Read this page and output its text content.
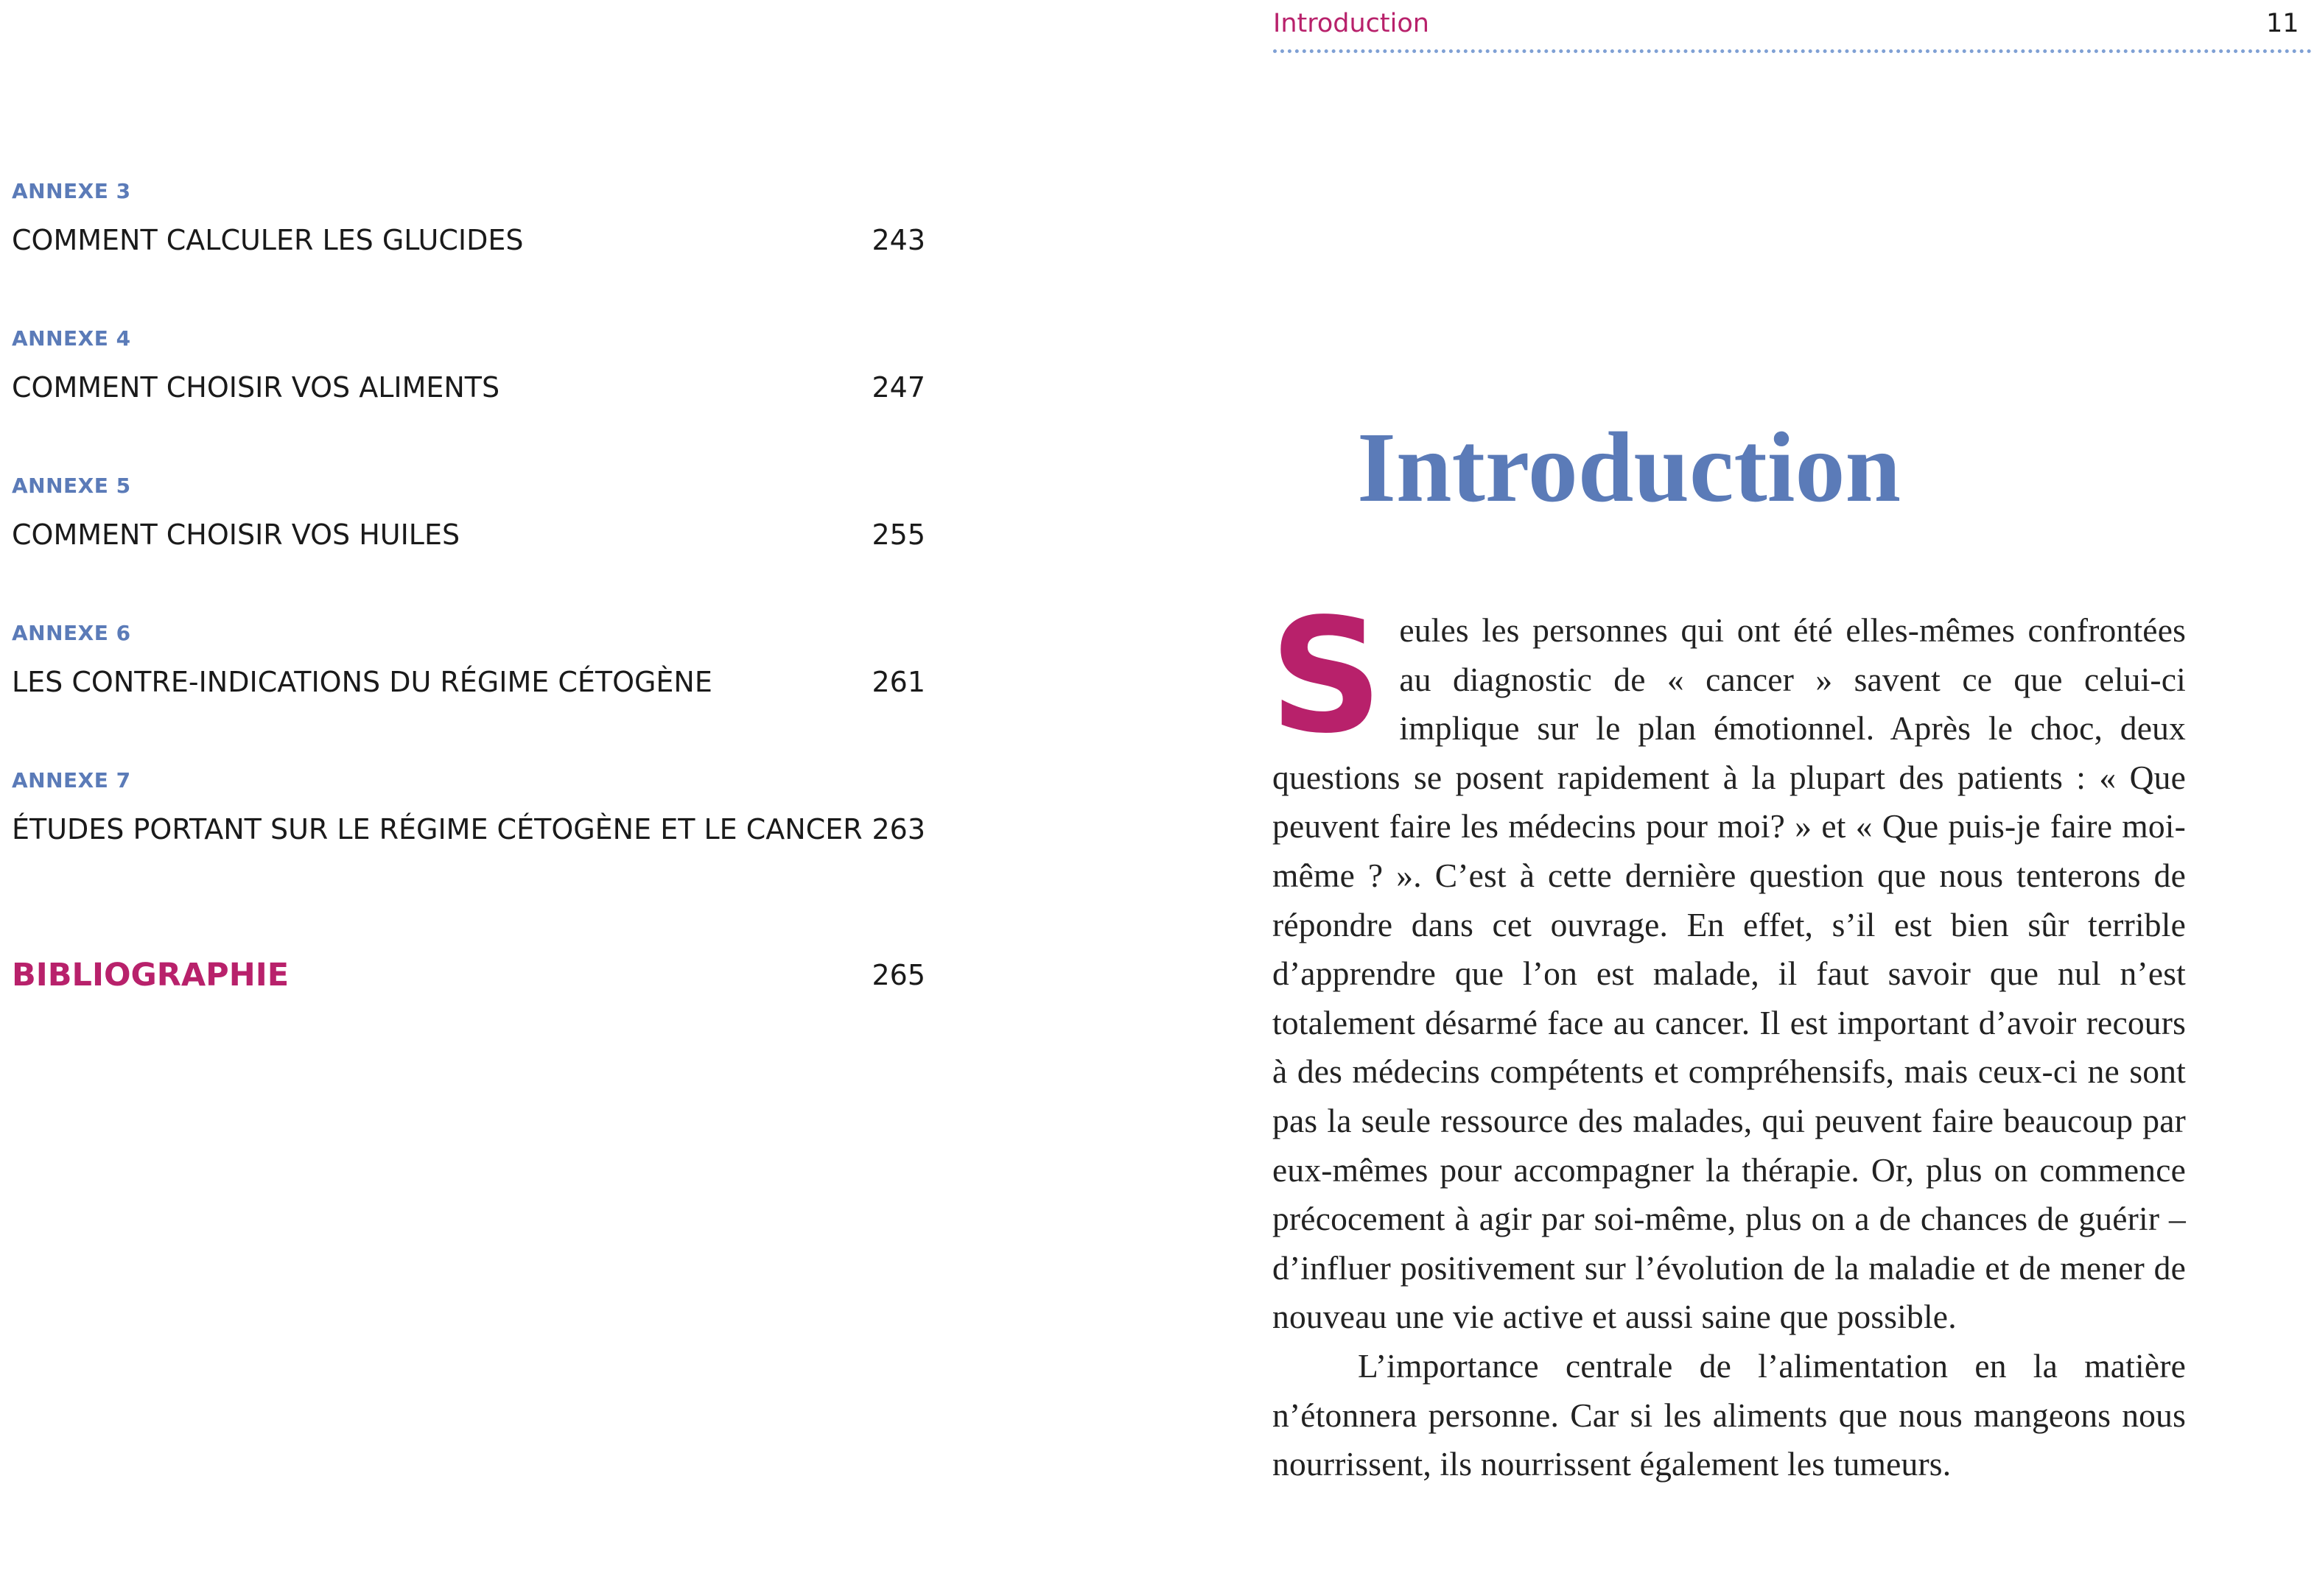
ANNEXE 3
COMMENT CALCULER LES GLUCIDES	243
ANNEXE 4
COMMENT CHOISIR VOS ALIMENTS	247
ANNEXE 5
COMMENT CHOISIR VOS HUILES	255
ANNEXE 6
LES CONTRE-INDICATIONS DU RÉGIME CÉTOGÈNE	261
ANNEXE 7
ÉTUDES PORTANT SUR LE RÉGIME CÉTOGÈNE ET LE CANCER 263
BIBLIOGRAPHIE	265
Introduction	11
Introduction

Seules les personnes qui ont été elles-mêmes confrontées au diagnostic de « cancer » savent ce que celui-ci implique sur le plan émotionnel. Après le choc, deux questions se posent rapidement à la plupart des patients : « Que peuvent faire les médecins pour moi? » et « Que puis-je faire moi-même ? ». C’est à cette dernière question que nous tenterons de répondre dans cet ouvrage. En effet, s’il est bien sûr terrible d’apprendre que l’on est malade, il faut savoir que nul n’est totalement désarmé face au cancer. Il est important d’avoir recours à des médecins compétents et compréhensifs, mais ceux-ci ne sont pas la seule ressource des malades, qui peuvent faire beaucoup par eux-mêmes pour accompagner la thérapie. Or, plus on commence précocement à agir par soi-même, plus on a de chances de guérir – d’influer positivement sur l’évolution de la maladie et de mener de nouveau une vie active et aussi saine que possible.

L’importance centrale de l’alimentation en la matière n’étonnera personne. Car si les aliments que nous mangeons nous nourrissent, ils nourrissent également les tumeurs.
